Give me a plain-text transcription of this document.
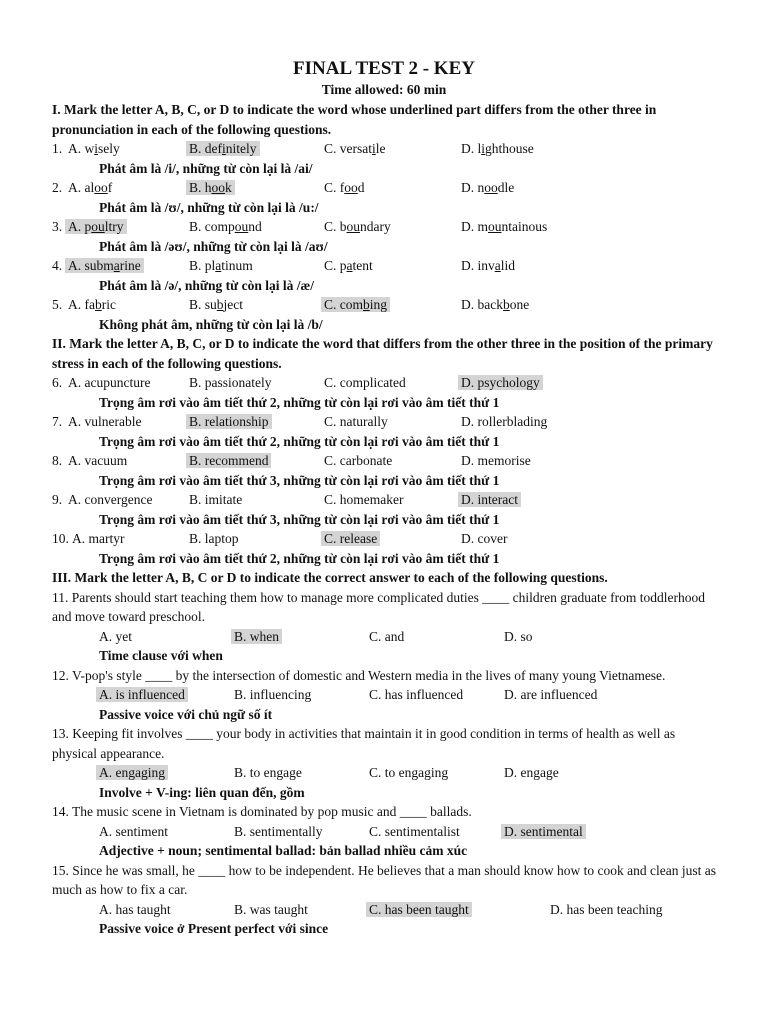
FINAL TEST 2 - KEY
Time allowed: 60 min
I. Mark the letter A, B, C, or D to indicate the word whose underlined part differs from the other three in pronunciation in each of the following questions.
1. A. wisely	B. definitely	C. versatile	D. lighthouse
Phát âm là /i/, những từ còn lại là /ai/
2. A. aloof	B. hook	C. food	D. noodle
Phát âm là /ʊ/, những từ còn lại là /u:/
3. A. poultry	B. compound	C. boundary	D. mountainous
Phát âm là /əʊ/, những từ còn lại là /aʊ/
4. A. submarine	B. platinum	C. patent	D. invalid
Phát âm là /ə/, những từ còn lại là /æ/
5. A. fabric	B. subject	C. combing	D. backbone
Không phát âm, những từ còn lại là /b/
II. Mark the letter A, B, C, or D to indicate the word that differs from the other three in the position of the primary stress in each of the following questions.
6. A. acupuncture	B. passionately	C. complicated	D. psychology
Trọng âm rơi vào âm tiết thứ 2, những từ còn lại rơi vào âm tiết thứ 1
7. A. vulnerable	B. relationship	C. naturally	D. rollerblading
Trọng âm rơi vào âm tiết thứ 2, những từ còn lại rơi vào âm tiết thứ 1
8. A. vacuum	B. recommend	C. carbonate	D. memorise
Trọng âm rơi vào âm tiết thứ 3, những từ còn lại rơi vào âm tiết thứ 1
9. A. convergence	B. imitate	C. homemaker	D. interact
Trọng âm rơi vào âm tiết thứ 3, những từ còn lại rơi vào âm tiết thứ 1
10. A. martyr	B. laptop	C. release	D. cover
Trọng âm rơi vào âm tiết thứ 2, những từ còn lại rơi vào âm tiết thứ 1
III. Mark the letter A, B, C or D to indicate the correct answer to each of the following questions.
11. Parents should start teaching them how to manage more complicated duties ____ children graduate from toddlerhood and move toward preschool.
A. yet	B. when	C. and	D. so
Time clause với when
12. V-pop's style ____ by the intersection of domestic and Western media in the lives of many young Vietnamese.
A. is influenced	B. influencing	C. has influenced	D. are influenced
Passive voice với chủ ngữ số ít
13. Keeping fit involves ____ your body in activities that maintain it in good condition in terms of health as well as physical appearance.
A. engaging	B. to engage	C. to engaging	D. engage
Involve + V-ing: liên quan đến, gồm
14. The music scene in Vietnam is dominated by pop music and ____ ballads.
A. sentiment	B. sentimentally	C. sentimentalist	D. sentimental
Adjective + noun; sentimental ballad: bản ballad nhiều cảm xúc
15. Since he was small, he ____ how to be independent. He believes that a man should know how to cook and clean just as much as how to fix a car.
A. has taught	B. was taught	C. has been taught	D. has been teaching
Passive voice ở Present perfect với since
